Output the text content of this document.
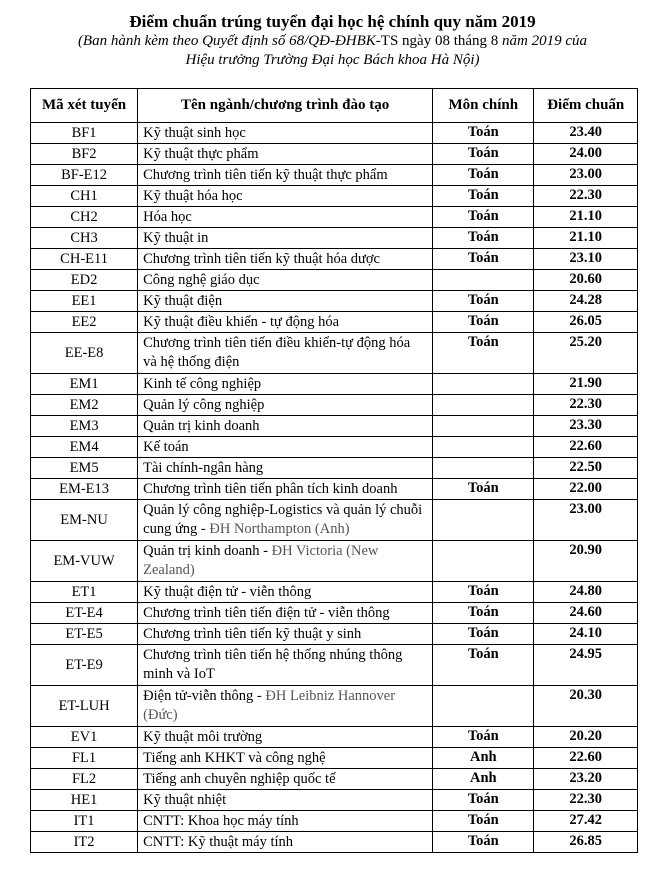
Điểm chuẩn trúng tuyển đại học hệ chính quy năm 2019
(Ban hành kèm theo Quyết định số 68/QĐ-ĐHBK-TS ngày 08 tháng 8 năm 2019 của
Hiệu trưởng Trường Đại học Bách khoa Hà Nội)
Mã xét tuyển	Tên ngành/chương trình đào tạo	Môn chính	Điểm chuẩn
BF1	Kỹ thuật sinh học	Toán	23.40
BF2	Kỹ thuật thực phẩm	Toán	24.00
BF-E12	Chương trình tiên tiến kỹ thuật thực phẩm	Toán	23.00
CH1	Kỹ thuật hóa học	Toán	22.30
CH2	Hóa học	Toán	21.10
CH3	Kỹ thuật in	Toán	21.10
CH-E11	Chương trình tiên tiến kỹ thuật hóa dược	Toán	23.10
ED2	Công nghệ giáo dục		20.60
EE1	Kỹ thuật điện	Toán	24.28
EE2	Kỹ thuật điều khiển - tự động hóa	Toán	26.05
EE-E8	Chương trình tiên tiến điều khiển-tự động hóa và hệ thống điện	Toán	25.20
EM1	Kinh tế công nghiệp		21.90
EM2	Quản lý công nghiệp		22.30
EM3	Quản trị kinh doanh		23.30
EM4	Kế toán		22.60
EM5	Tài chính-ngân hàng		22.50
EM-E13	Chương trình tiên tiến phân tích kinh doanh	Toán	22.00
EM-NU	Quản lý công nghiệp-Logistics và quản lý chuỗi cung ứng - ĐH Northampton (Anh)		23.00
EM-VUW	Quản trị kinh doanh - ĐH Victoria (New Zealand)		20.90
ET1	Kỹ thuật điện tử - viễn thông	Toán	24.80
ET-E4	Chương trình tiên tiến điện tử - viễn thông	Toán	24.60
ET-E5	Chương trình tiên tiến kỹ thuật y sinh	Toán	24.10
ET-E9	Chương trình tiên tiến hệ thống nhúng thông minh và IoT	Toán	24.95
ET-LUH	Điện tử-viễn thông - ĐH Leibniz Hannover (Đức)		20.30
EV1	Kỹ thuật môi trường	Toán	20.20
FL1	Tiếng anh KHKT và công nghệ	Anh	22.60
FL2	Tiếng anh chuyên nghiệp quốc tế	Anh	23.20
HE1	Kỹ thuật nhiệt	Toán	22.30
IT1	CNTT: Khoa học máy tính	Toán	27.42
IT2	CNTT: Kỹ thuật máy tính	Toán	26.85
